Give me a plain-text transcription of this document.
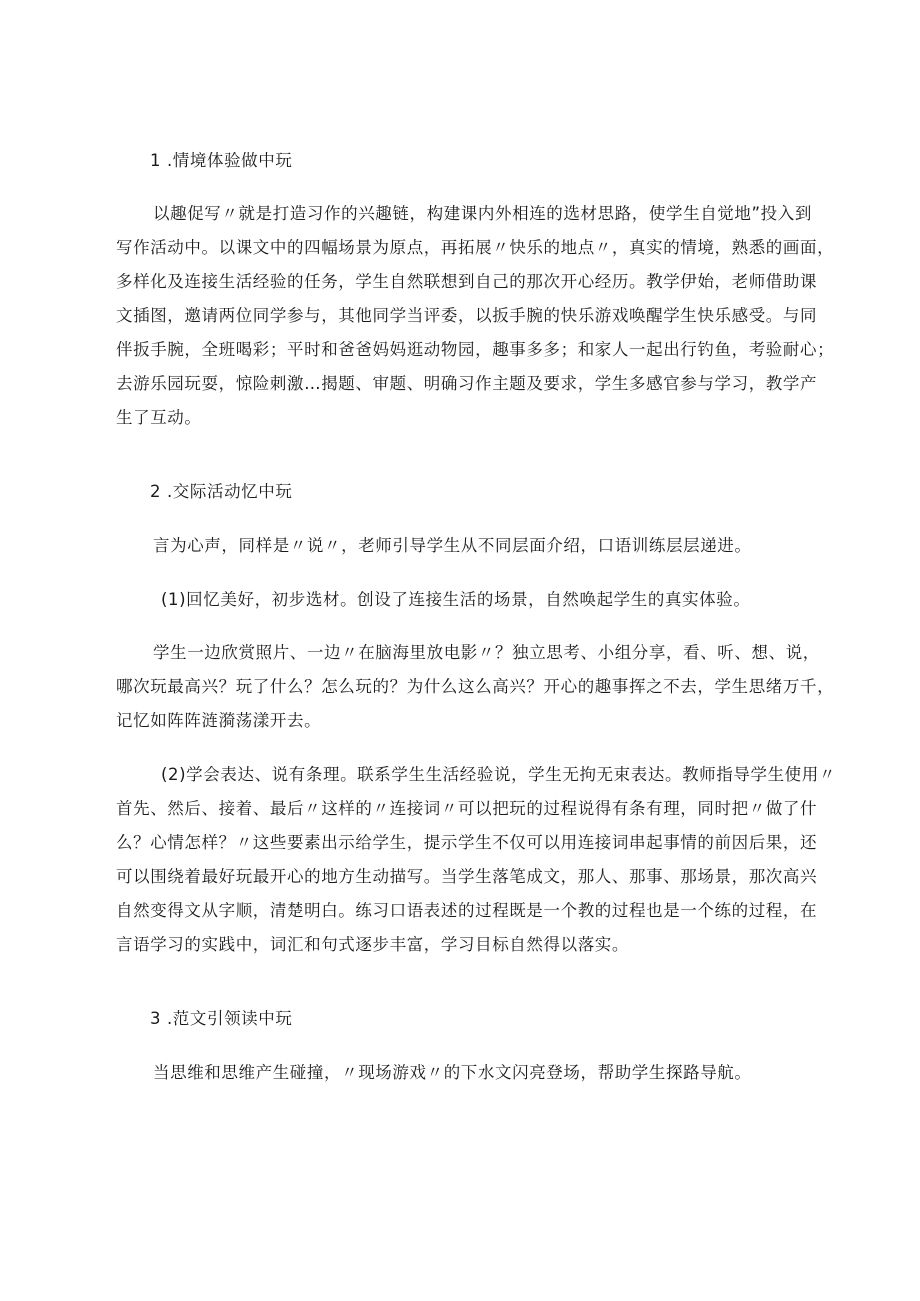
1 .情境体验做中玩
以趣促写〃就是打造习作的兴趣链，构建课内外相连的选材思路，使学生自觉地”投入到
写作活动中。以课文中的四幅场景为原点，再拓展〃快乐的地点〃，真实的情境，熟悉的画面，
多样化及连接生活经验的任务，学生自然联想到自己的那次开心经历。教学伊始，老师借助课
文插图，邀请两位同学参与，其他同学当评委，以扳手腕的快乐游戏唤醒学生快乐感受。与同
伴扳手腕，全班喝彩；平时和爸爸妈妈逛动物园，趣事多多；和家人一起出行钓鱼，考验耐心；
去游乐园玩耍，惊险刺激…揭题、审题、明确习作主题及要求，学生多感官参与学习，教学产
生了互动。
2 .交际活动忆中玩
言为心声，同样是〃说〃，老师引导学生从不同层面介绍，口语训练层层递进。
(1)回忆美好，初步选材。创设了连接生活的场景，自然唤起学生的真实体验。
学生一边欣赏照片、一边〃在脑海里放电影〃？独立思考、小组分享，看、听、想、说，
哪次玩最高兴？玩了什么？怎么玩的？为什么这么高兴？开心的趣事挥之不去，学生思绪万千，
记忆如阵阵涟漪荡漾开去。
(2)学会表达、说有条理。联系学生生活经验说，学生无拘无束表达。教师指导学生使用〃
首先、然后、接着、最后〃这样的〃连接词〃可以把玩的过程说得有条有理，同时把〃做了什
么？心情怎样？〃这些要素出示给学生，提示学生不仅可以用连接词串起事情的前因后果，还
可以围绕着最好玩最开心的地方生动描写。当学生落笔成文，那人、那事、那场景，那次高兴
自然变得文从字顺，清楚明白。练习口语表述的过程既是一个教的过程也是一个练的过程，在
言语学习的实践中，词汇和句式逐步丰富，学习目标自然得以落实。
3 .范文引领读中玩
当思维和思维产生碰撞，〃现场游戏〃的下水文闪亮登场，帮助学生探路导航。
